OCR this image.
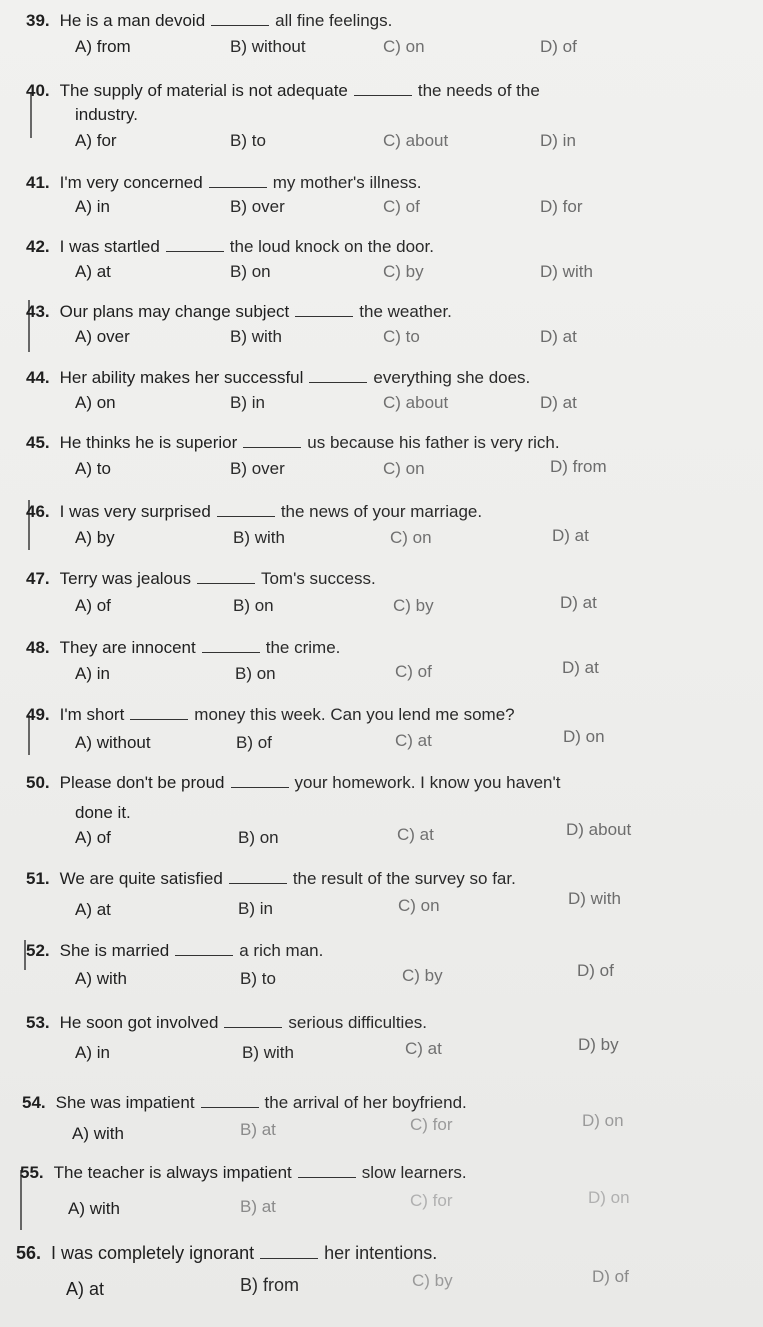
39. He is a man devoid	all fine feelings.
A) from	B) without	C) on	D) of
40. The supply of material is not adequate	the needs of the
industry.
A) for	B) to	C) about	D) in
41. I'm very concerned	my mother's illness.
A) in	B) over	C) of	D) for
42. I was startled	the loud knock on the door.
A) at	B) on	C) by	D) with
43. Our plans may change subject	the weather.
A) over	B) with	C) to	D) at
44. Her ability makes her successful	everything she does.
A) on	B) in	C) about	D) at
45. He thinks he is superior	us because his father is very rich.
A) to	B) over	C) on	D) from
46. I was very surprised	the news of your marriage.
A) by	B) with	C) on	D) at
47. Terry was jealous	Tom's success.
A) of	B) on	C) by	D) at
48. They are innocent	the crime.
A) in	B) on	C) of	D) at
49. I'm short	money this week. Can you lend me some?
A) without	B) of	C) at	D) on
50. Please don't be proud	your homework. I know you haven't
done it.
A) of	B) on	C) at	D) about
51. We are quite satisfied	the result of the survey so far.
A) at	B) in	C) on	D) with
52. She is married	a rich man.
A) with	B) to	C) by	D) of
53. He soon got involved	serious difficulties.
A) in	B) with	C) at	D) by
54. She was impatient	the arrival of her boyfriend.
A) with	B) at	C) for	D) on
55. The teacher is always impatient	slow learners.
A) with	B) at	C) for	D) on
56. I was completely ignorant	her intentions.
A) at	B) from	C) by	D) of
